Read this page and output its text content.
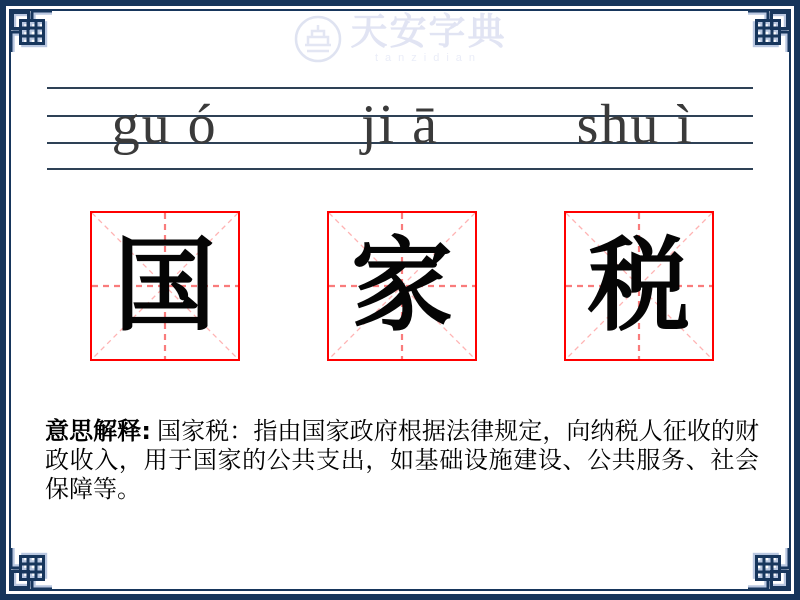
天安字典
tanzidian
gu ó	ji ā	shu ì
国 家 税
意思解释: 国家税：指由国家政府根据法律规定，向纳税人征收的财政收入，用于国家的公共支出，如基础设施建设、公共服务、社会保障等。
